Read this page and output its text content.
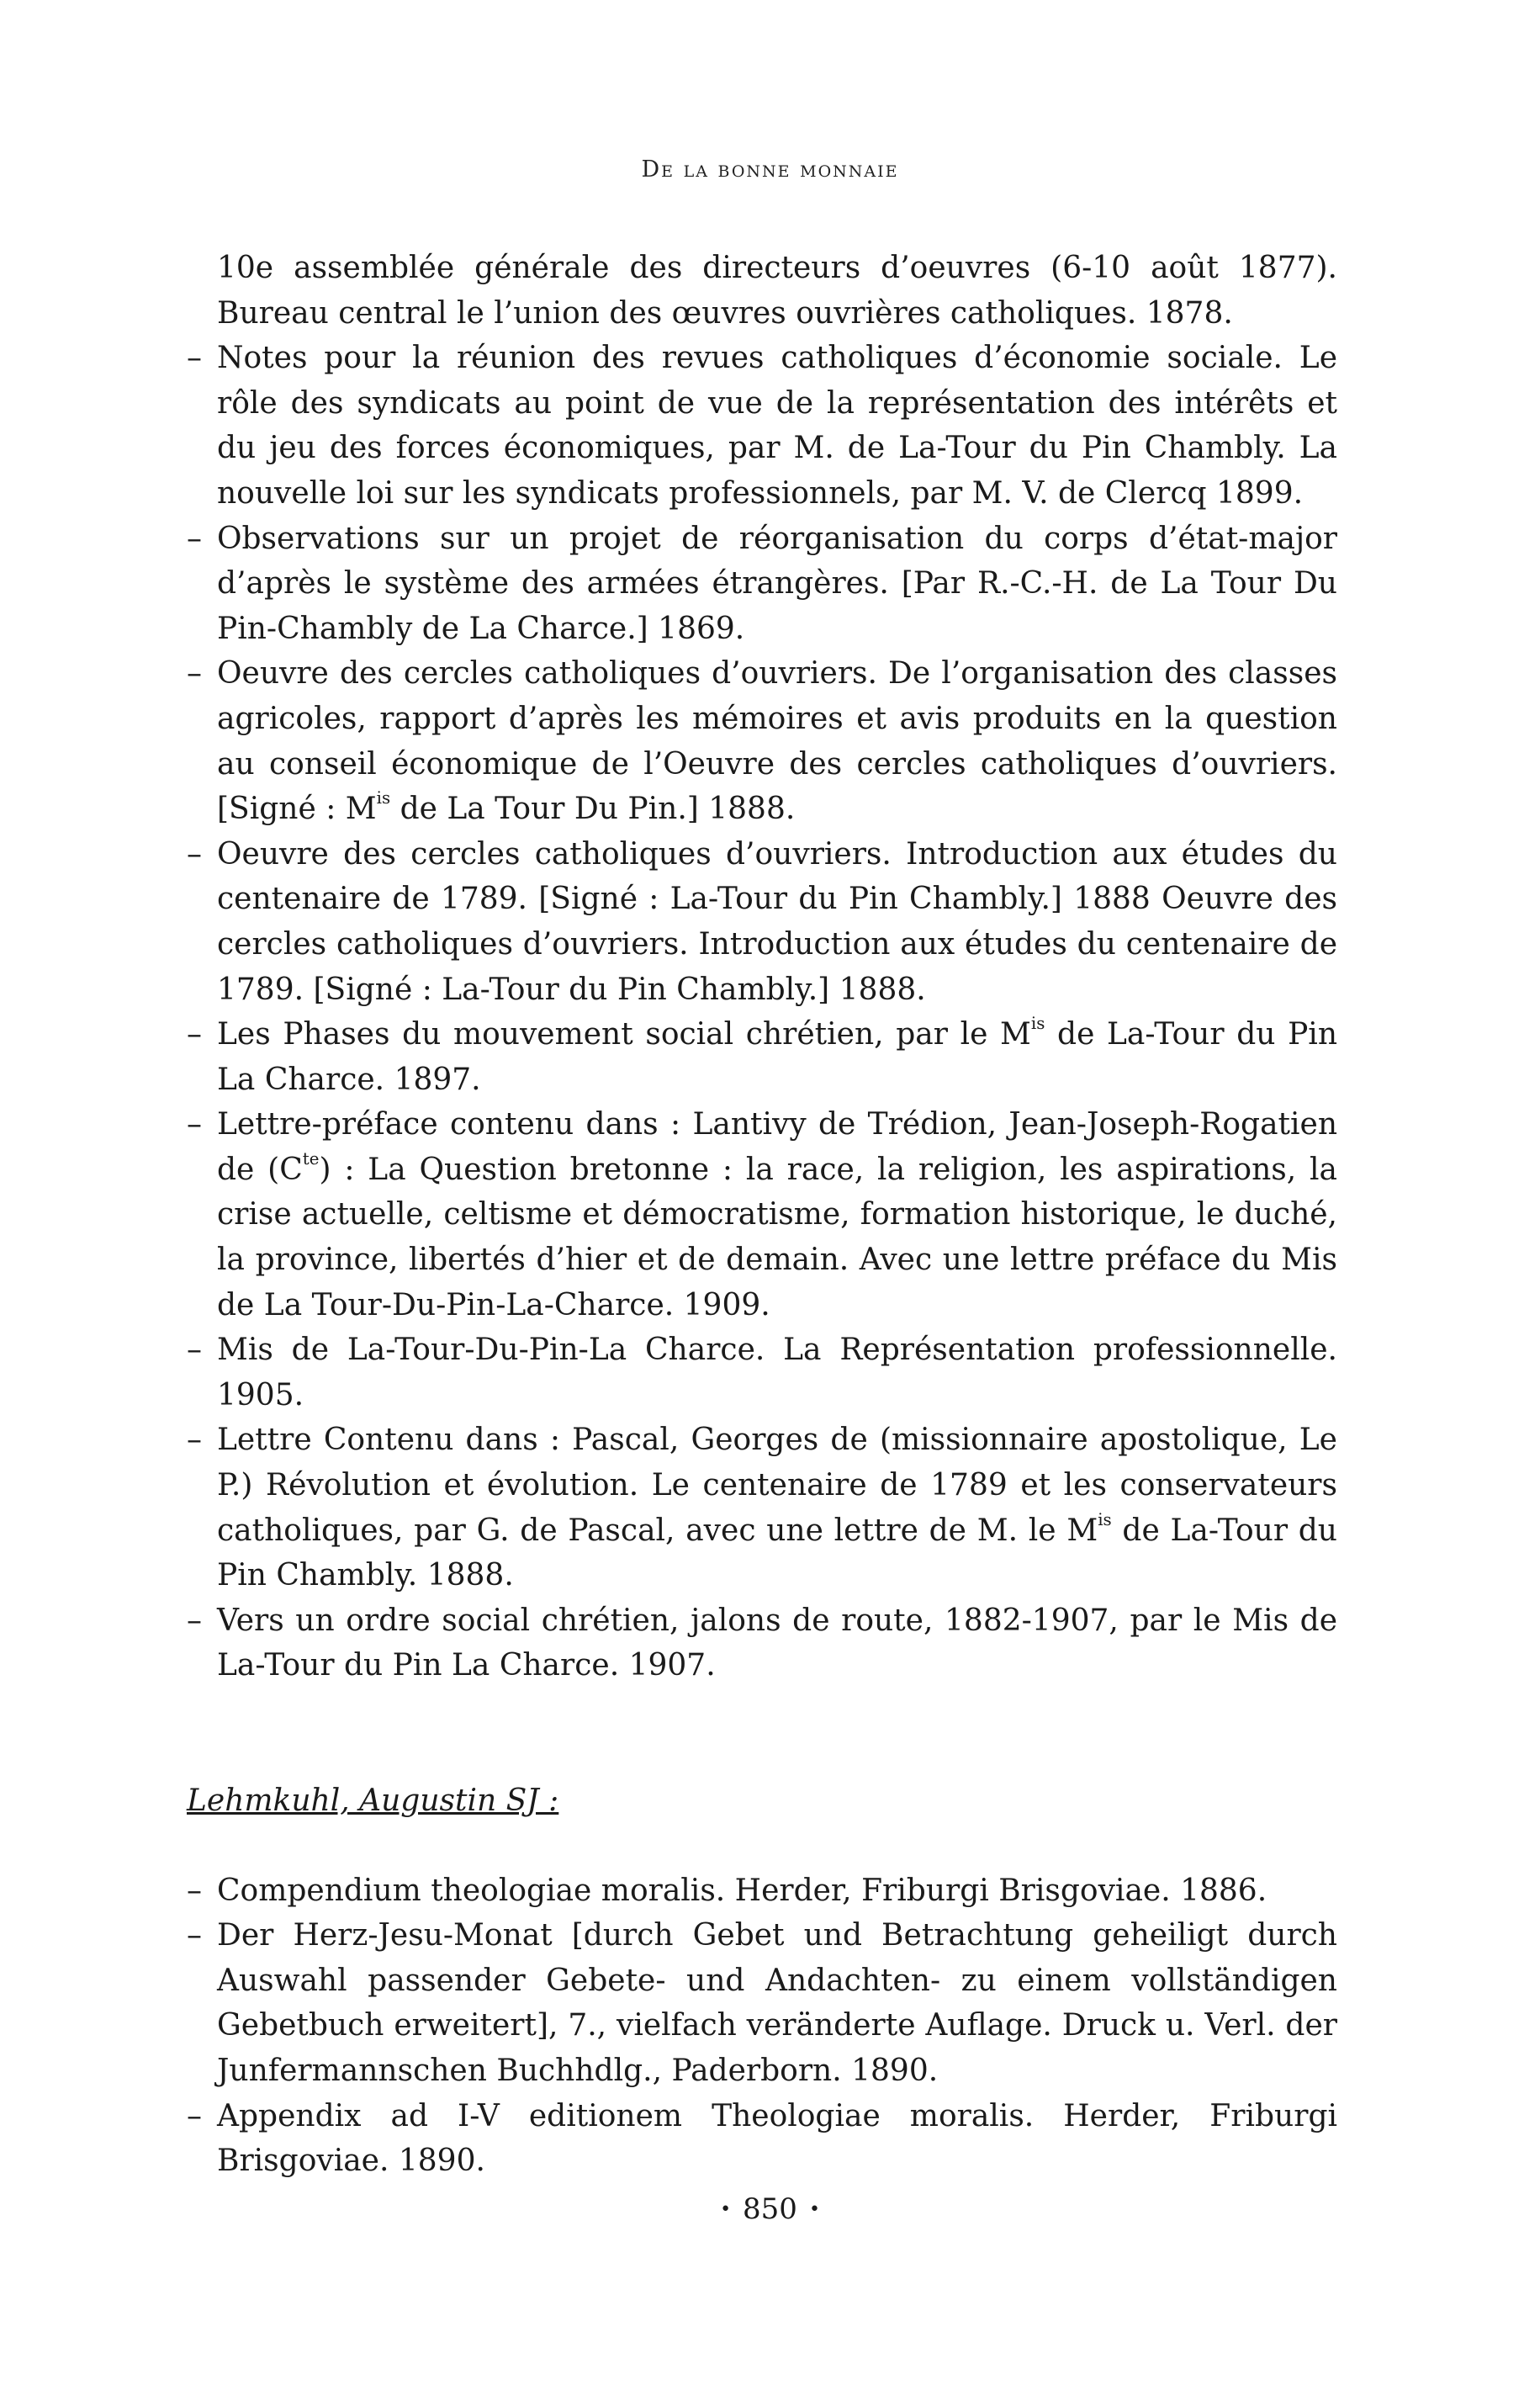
De la bonne monnaie
10e assemblée générale des directeurs d’oeuvres (6-10 août 1877). Bureau central le l’union des œuvres ouvrières catholiques. 1878.
– Notes pour la réunion des revues catholiques d’économie sociale. Le rôle des syndicats au point de vue de la représentation des intérêts et du jeu des forces économiques, par M. de La-Tour du Pin Chambly. La nouvelle loi sur les syndicats professionnels, par M. V. de Clercq 1899.
– Observations sur un projet de réorganisation du corps d’état-major d’après le système des armées étrangères. [Par R.-C.-H. de La Tour Du Pin-Chambly de La Charce.] 1869.
– Oeuvre des cercles catholiques d’ouvriers. De l’organisation des classes agricoles, rapport d’après les mémoires et avis produits en la question au conseil économique de l’Oeuvre des cercles catholiques d’ouvriers. [Signé : $M^{is}$ de La Tour Du Pin.] 1888.
– Oeuvre des cercles catholiques d’ouvriers. Introduction aux études du centenaire de 1789. [Signé : La-Tour du Pin Chambly.] 1888 Oeuvre des cercles catholiques d’ouvriers. Introduction aux études du centenaire de 1789. [Signé : La-Tour du Pin Chambly.] 1888.
– Les Phases du mouvement social chrétien, par le $M^{is}$ de La-Tour du Pin La Charce. 1897.
– Lettre-préface contenu dans : Lantivy de Trédion, Jean-Joseph-Rogatien de $(C^{te})$ : La Question bretonne : la race, la religion, les aspirations, la crise actuelle, celtisme et démocratisme, formation historique, le duché, la province, libertés d’hier et de demain. Avec une lettre préface du Mis de La Tour-Du-Pin-La-Charce. 1909.
– Mis de La-Tour-Du-Pin-La Charce. La Représentation professionnelle. 1905.
– Lettre Contenu dans : Pascal, Georges de (missionnaire apostolique, Le P.) Révolution et évolution. Le centenaire de 1789 et les conservateurs catholiques, par G. de Pascal, avec une lettre de M. le $M^{is}$ de La-Tour du Pin Chambly. 1888.
– Vers un ordre social chrétien, jalons de route, 1882-1907, par le Mis de La-Tour du Pin La Charce. 1907.
Lehmkuhl, Augustin SJ :
– Compendium theologiae moralis. Herder, Friburgi Brisgoviae. 1886.
– Der Herz-Jesu-Monat [durch Gebet und Betrachtung geheiligt durch Auswahl passender Gebete- und Andachten- zu einem vollständigen Gebetbuch erweitert], 7., vielfach veränderte Auflage. Druck u. Verl. der Junfermannschen Buchhdlg., Paderborn. 1890.
– Appendix ad I-V editionem Theologiae moralis. Herder, Friburgi Brisgoviae. 1890.
• 850 •
